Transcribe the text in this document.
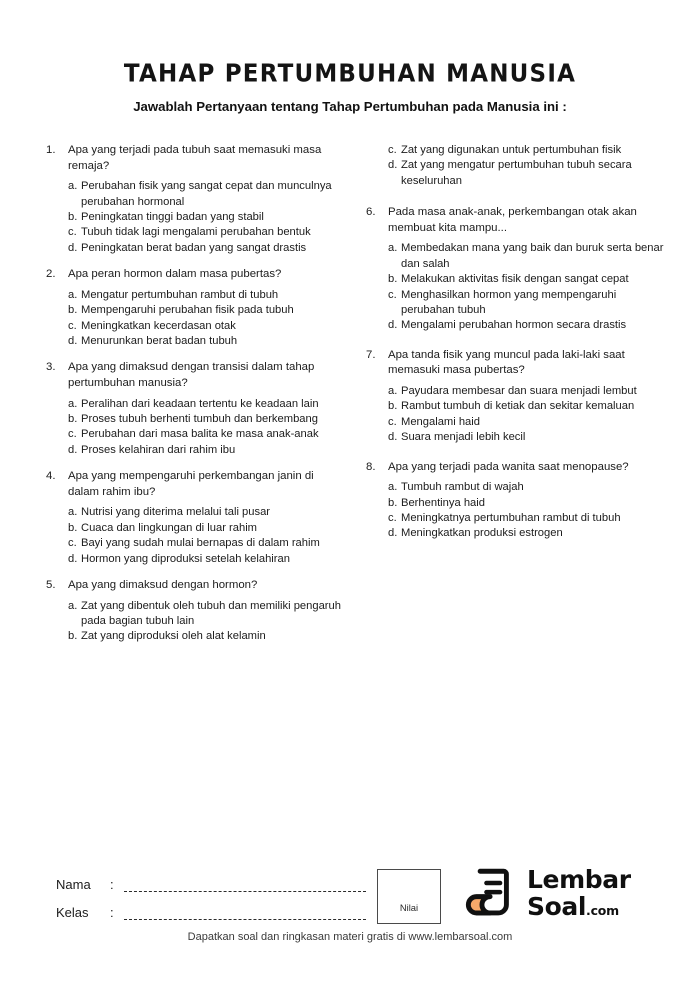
TAHAP PERTUMBUHAN MANUSIA

Jawablah Pertanyaan tentang Tahap Pertumbuhan pada Manusia ini :

1.	Apa yang terjadi pada tubuh saat memasuki masa remaja?
a. Perubahan fisik yang sangat cepat dan munculnya perubahan hormonal
b. Peningkatan tinggi badan yang stabil
c. Tubuh tidak lagi mengalami perubahan bentuk
d. Peningkatan berat badan yang sangat drastis
2.	Apa peran hormon dalam masa pubertas?
a. Mengatur pertumbuhan rambut di tubuh
b. Mempengaruhi perubahan fisik pada tubuh
c. Meningkatkan kecerdasan otak
d. Menurunkan berat badan tubuh
3.	Apa yang dimaksud dengan transisi dalam tahap pertumbuhan manusia?
a. Peralihan dari keadaan tertentu ke keadaan lain
b. Proses tubuh berhenti tumbuh dan berkembang
c. Perubahan dari masa balita ke masa anak-anak
d. Proses kelahiran dari rahim ibu
4.	Apa yang mempengaruhi perkembangan janin di dalam rahim ibu?
a. Nutrisi yang diterima melalui tali pusar
b. Cuaca dan lingkungan di luar rahim
c. Bayi yang sudah mulai bernapas di dalam rahim
d. Hormon yang diproduksi setelah kelahiran
5.	Apa yang dimaksud dengan hormon?
a. Zat yang dibentuk oleh tubuh dan memiliki pengaruh pada bagian tubuh lain
b. Zat yang diproduksi oleh alat kelamin
c. Zat yang digunakan untuk pertumbuhan fisik
d. Zat yang mengatur pertumbuhan tubuh secara keseluruhan
6.	Pada masa anak-anak, perkembangan otak akan membuat kita mampu...
a. Membedakan mana yang baik dan buruk serta benar dan salah
b. Melakukan aktivitas fisik dengan sangat cepat
c. Menghasilkan hormon yang mempengaruhi perubahan tubuh
d. Mengalami perubahan hormon secara drastis
7.	Apa tanda fisik yang muncul pada laki-laki saat memasuki masa pubertas?
a. Payudara membesar dan suara menjadi lembut
b. Rambut tumbuh di ketiak dan sekitar kemaluan
c. Mengalami haid
d. Suara menjadi lebih kecil
8.	Apa yang terjadi pada wanita saat menopause?
a. Tumbuh rambut di wajah
b. Berhentinya haid
c. Meningkatnya pertumbuhan rambut di tubuh
d. Meningkatkan produksi estrogen
Nama	:
Kelas	:	Nilai
Lembar
Soal.com
Dapatkan soal dan ringkasan materi gratis di www.lembarsoal.com
